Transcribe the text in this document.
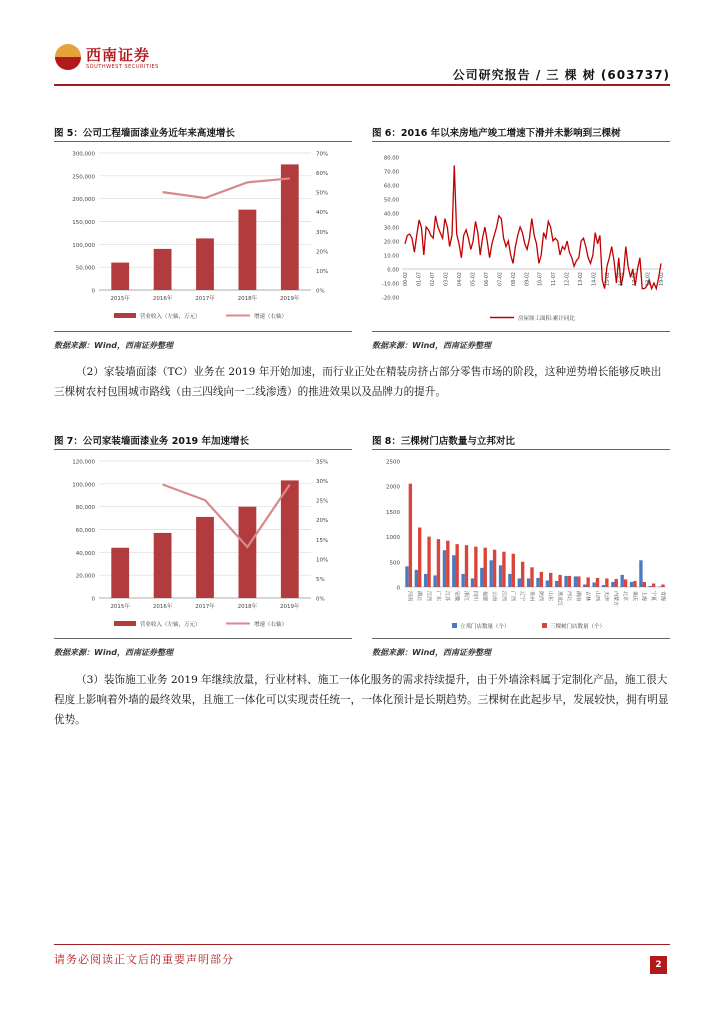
西南证券
SOUTHWEST SECURITIES
公司研究报告 / 三 棵 树 (603737)
图 5：公司工程墙面漆业务近年来高速增长	图 6：2016 年以来房地产竣工增速下滑并未影响到三棵树
0
50,000
100,000
150,000
200,000
250,000
300,000
0%
10%
20%
30%
40%
50%
60%
70%
2015年	2016年	2017年	2018年	2019年
营业收入（左轴，万元）	增速（右轴）
-20.00
-10.00
0.00
10.00
20.00
30.00
40.00
50.00
60.00
70.00
80.00
00-02 01-07 02-07 03-02 04-02 05-02 06-07 07-02 08-02 09-02 10-07 11-07 12-02 13-02 14-02 15-02 16-02 17-02 18-02 19-02
房屋竣工面积:累计同比
数据来源：Wind，西南证券整理	数据来源：Wind，西南证券整理
（2）家装墙面漆（TC）业务在 2019 年开始加速，而行业正处在精装房挤占部分零售市场的阶段，这种逆势增长能够反映出三棵树农村包围城市路线（由三四线向一二线渗透）的推进效果以及品牌力的提升。
图 7：公司家装墙面漆业务 2019 年加速增长	图 8：三棵树门店数量与立邦对比
0
20,000
40,000
60,000
80,000
100,000
120,000
0%
5%
10%
15%
20%
25%
30%
35%
2015年	2016年	2017年	2018年	2019年
营业收入（左轴，万元）	增速（右轴）
0
500
1000
1500
2000
2500
河南 湖北 江西 广东 江苏 安徽 浙江 四川 福建 云南 江西 广西 辽宁 贵州 陕西 山东 黑龙江 河北 湖南 吉林 山西 天津 内蒙古 北京 重庆 上海 宁夏 青海
立邦门店数量（个）	三棵树门店数量（个）
数据来源：Wind，西南证券整理	数据来源：Wind，西南证券整理
（3）装饰施工业务 2019 年继续放量，行业材料、施工一体化服务的需求持续提升，由于外墙涂料属于定制化产品，施工很大程度上影响着外墙的最终效果，且施工一体化可以实现责任统一，一体化预计是长期趋势。三棵树在此起步早，发展较快，拥有明显优势。
请务必阅读正文后的重要声明部分	2
